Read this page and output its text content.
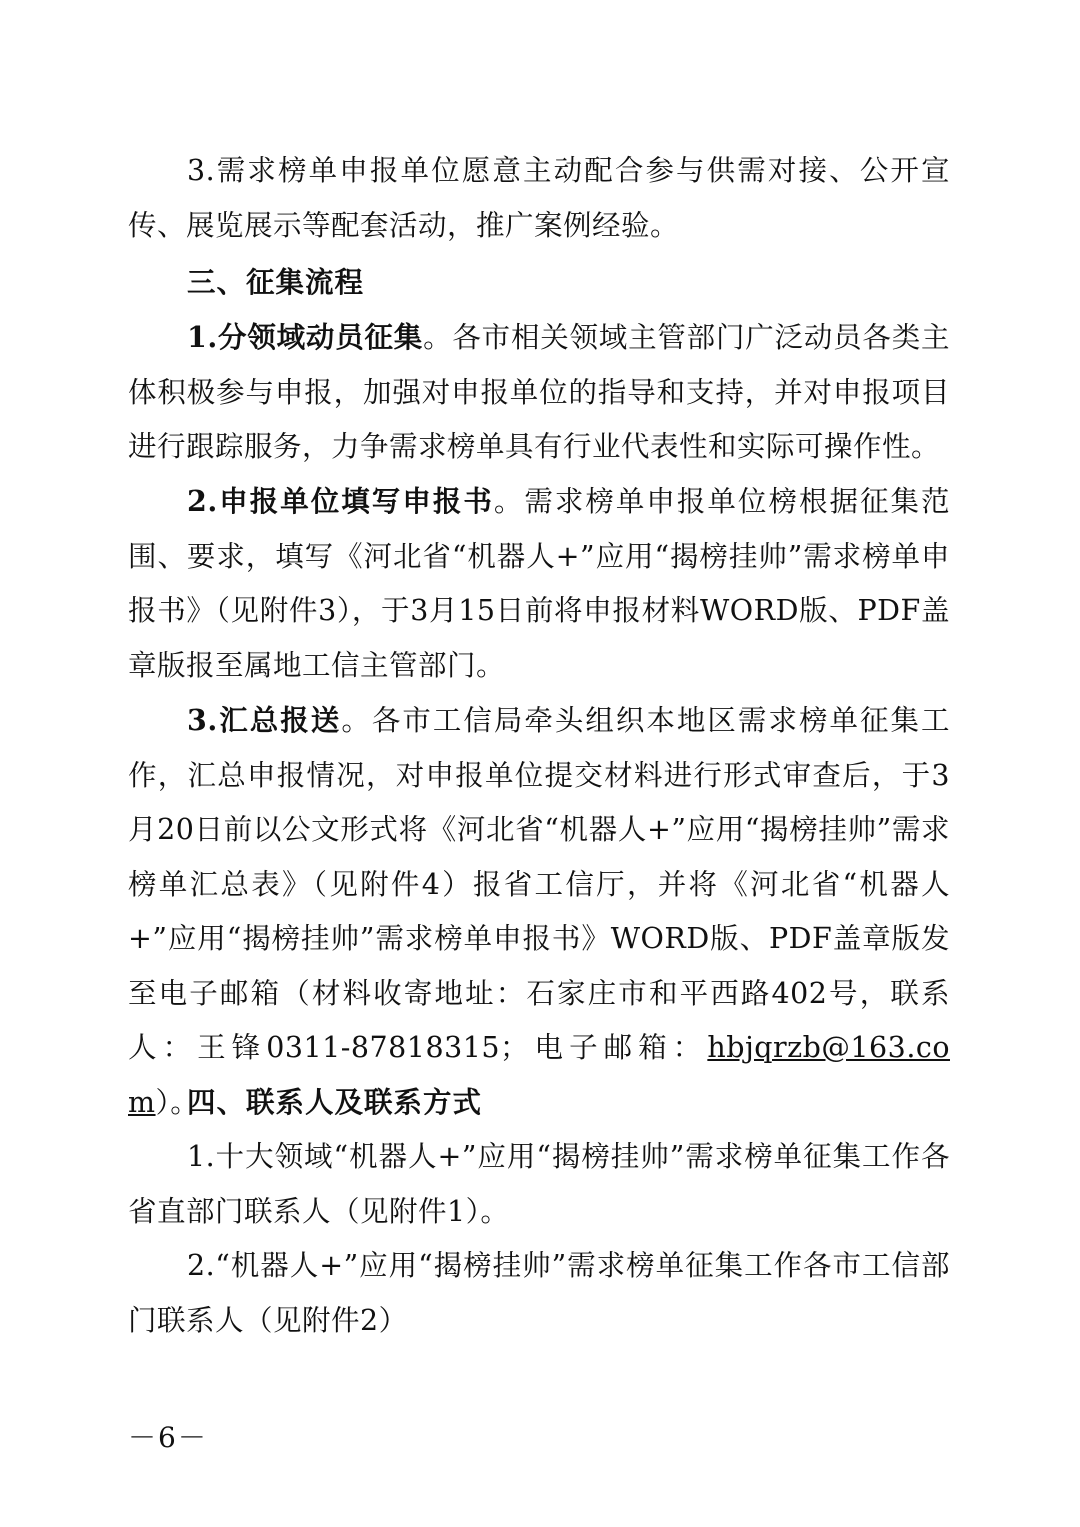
3.需求榜单申报单位愿意主动配合参与供需对接、公开宣传、展览展示等配套活动，推广案例经验。

三、征集流程

1.分领域动员征集。各市相关领域主管部门广泛动员各类主体积极参与申报，加强对申报单位的指导和支持，并对申报项目进行跟踪服务，力争需求榜单具有行业代表性和实际可操作性。

2.申报单位填写申报书。需求榜单申报单位榜根据征集范围、要求，填写《河北省“机器人+”应用“揭榜挂帅”需求榜单申报书》（见附件3），于3月15日前将申报材料WORD版、PDF盖章版报至属地工信主管部门。

3.汇总报送。各市工信局牵头组织本地区需求榜单征集工作，汇总申报情况，对申报单位提交材料进行形式审查后，于3月20日前以公文形式将《河北省“机器人+”应用“揭榜挂帅”需求榜单汇总表》（见附件4）报省工信厅，并将《河北省“机器人+”应用“揭榜挂帅”需求榜单申报书》WORD版、PDF盖章版发至电子邮箱（材料收寄地址：石家庄市和平西路402号，联系人：王锋0311-87818315；电子邮箱：hbjqrzb@163.com）。

四、联系人及联系方式

1.十大领域“机器人+”应用“揭榜挂帅”需求榜单征集工作各省直部门联系人（见附件1）。

2.“机器人+”应用“揭榜挂帅”需求榜单征集工作各市工信部门联系人（见附件2）

－6－
